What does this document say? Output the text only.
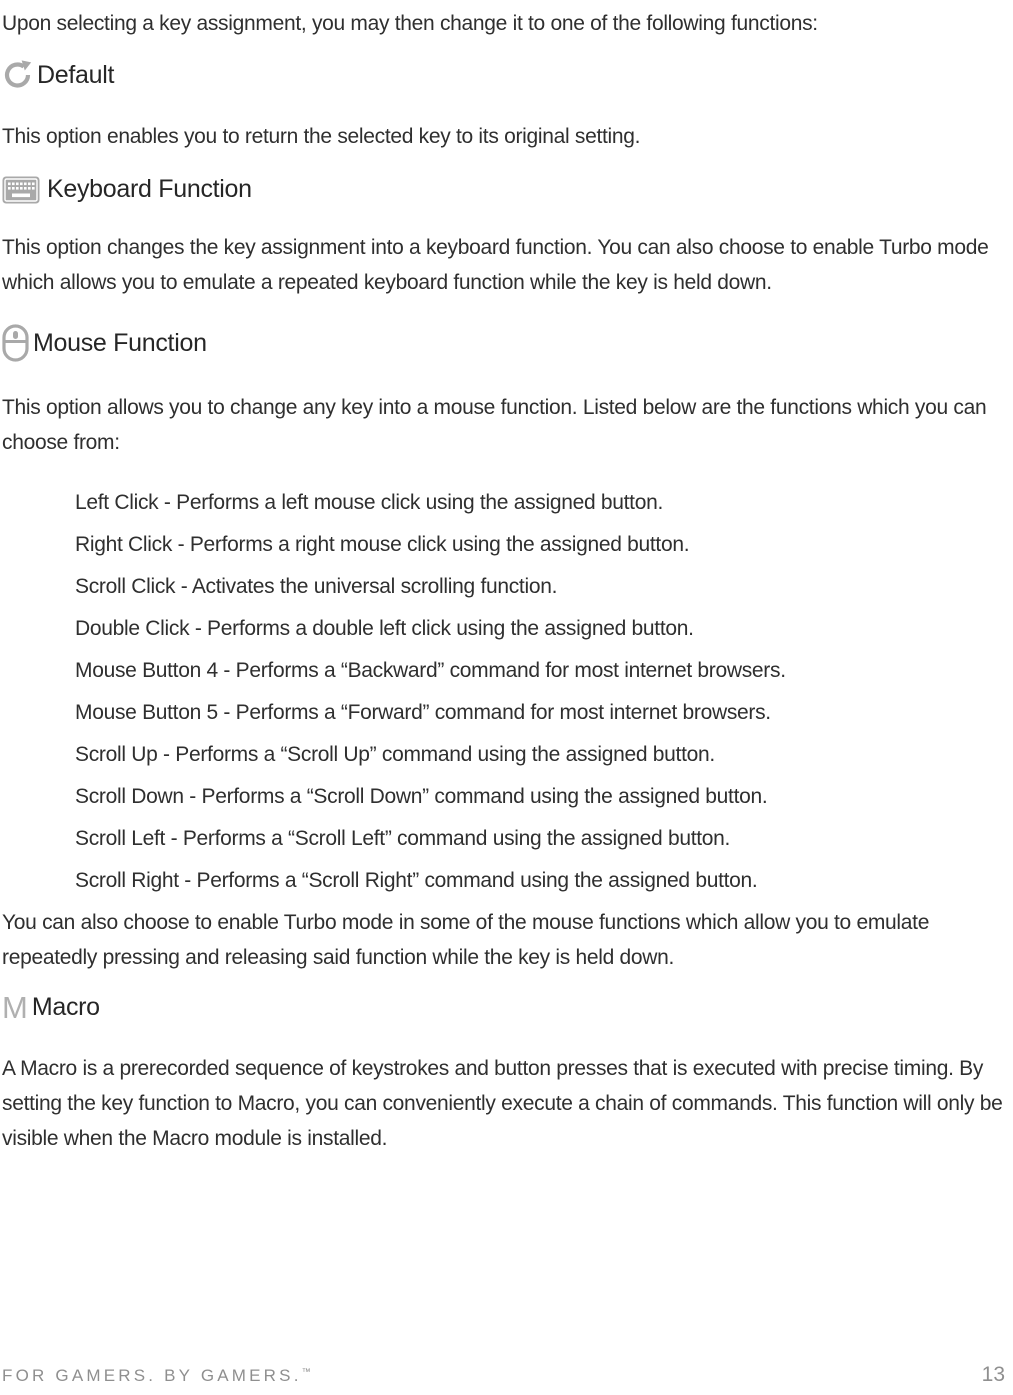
Upon selecting a key assignment, you may then change it to one of the following functions:
Default
This option enables you to return the selected key to its original setting.
Keyboard Function
This option changes the key assignment into a keyboard function. You can also choose to enable Turbo mode which allows you to emulate a repeated keyboard function while the key is held down.
Mouse Function
This option allows you to change any key into a mouse function. Listed below are the functions which you can choose from:
Left Click - Performs a left mouse click using the assigned button.
Right Click - Performs a right mouse click using the assigned button.
Scroll Click - Activates the universal scrolling function.
Double Click - Performs a double left click using the assigned button.
Mouse Button 4 - Performs a “Backward” command for most internet browsers.
Mouse Button 5 - Performs a “Forward” command for most internet browsers.
Scroll Up - Performs a “Scroll Up” command using the assigned button.
Scroll Down - Performs a “Scroll Down” command using the assigned button.
Scroll Left - Performs a “Scroll Left” command using the assigned button.
Scroll Right - Performs a “Scroll Right” command using the assigned button.
You can also choose to enable Turbo mode in some of the mouse functions which allow you to emulate repeatedly pressing and releasing said function while the key is held down.
M Macro
A Macro is a prerecorded sequence of keystrokes and button presses that is executed with precise timing. By setting the key function to Macro, you can conveniently execute a chain of commands. This function will only be visible when the Macro module is installed.
FOR GAMERS. BY GAMERS.™	13
